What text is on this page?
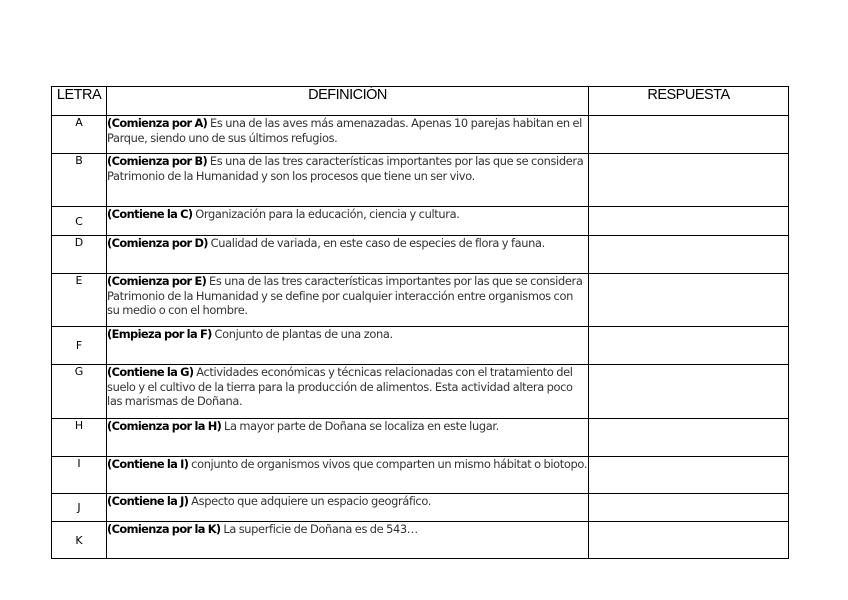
LETRA	DEFINICIÓN	RESPUESTA
A	(Comienza por A) Es una de las aves más amenazadas. Apenas 10 parejas habitan en el Parque, siendo uno de sus últimos refugios.	
B	(Comienza por B) Es una de las tres características importantes por las que se considera Patrimonio de la Humanidad y son los procesos que tiene un ser vivo.	
C	(Contiene la C) Organización para la educación, ciencia y cultura.	
D	(Comienza por D) Cualidad de variada, en este caso de especies de flora y fauna.	
E	(Comienza por E) Es una de las tres características importantes por las que se considera Patrimonio de la Humanidad y se define por cualquier interacción entre organismos con su medio o con el hombre.	
F	(Empieza por la F) Conjunto de plantas de una zona.	
G	(Contiene la G) Actividades económicas y técnicas relacionadas con el tratamiento del suelo y el cultivo de la tierra para la producción de alimentos. Esta actividad altera poco las marismas de Doñana.	
H	(Comienza por la H) La mayor parte de Doñana se localiza en este lugar.	
I	(Contiene la I) conjunto de organismos vivos que comparten un mismo hábitat o biotopo.	
J	(Contiene la J) Aspecto que adquiere un espacio geográfico.	
K	(Comienza por la K) La superficie de Doñana es de 543…	
